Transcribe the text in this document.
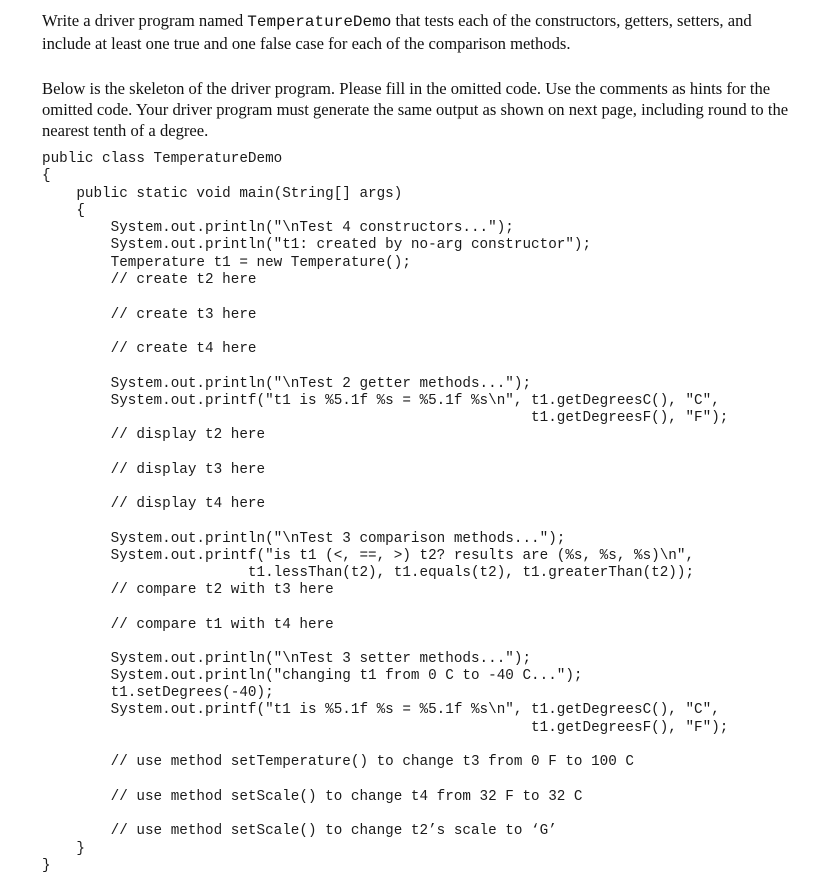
Write a driver program named TemperatureDemo that tests each of the constructors, getters, setters, and include at least one true and one false case for each of the comparison methods.

Below is the skeleton of the driver program. Please fill in the omitted code. Use the comments as hints for the omitted code. Your driver program must generate the same output as shown on next page, including round to the nearest tenth of a degree.

public class TemperatureDemo
{
public static void main(String[] args)
{
System.out.println("\nTest 4 constructors...");
System.out.println("t1: created by no-arg constructor");
Temperature t1 = new Temperature();
// create t2 here
// create t3 here
// create t4 here
System.out.println("\nTest 2 getter methods...");
System.out.printf("t1 is %5.1f %s = %5.1f %s\n", t1.getDegreesC(), "C",
t1.getDegreesF(), "F");
// display t2 here
// display t3 here
// display t4 here
System.out.println("\nTest 3 comparison methods...");
System.out.printf("is t1 (<, ==, >) t2? results are (%s, %s, %s)\n",
t1.lessThan(t2), t1.equals(t2), t1.greaterThan(t2));
// compare t2 with t3 here
// compare t1 with t4 here
System.out.println("\nTest 3 setter methods...");
System.out.println("changing t1 from 0 C to -40 C...");
t1.setDegrees(-40);
System.out.printf("t1 is %5.1f %s = %5.1f %s\n", t1.getDegreesC(), "C",
t1.getDegreesF(), "F");
// use method setTemperature() to change t3 from 0 F to 100 C
// use method setScale() to change t4 from 32 F to 32 C
// use method setScale() to change t2’s scale to ‘G’
}
}
